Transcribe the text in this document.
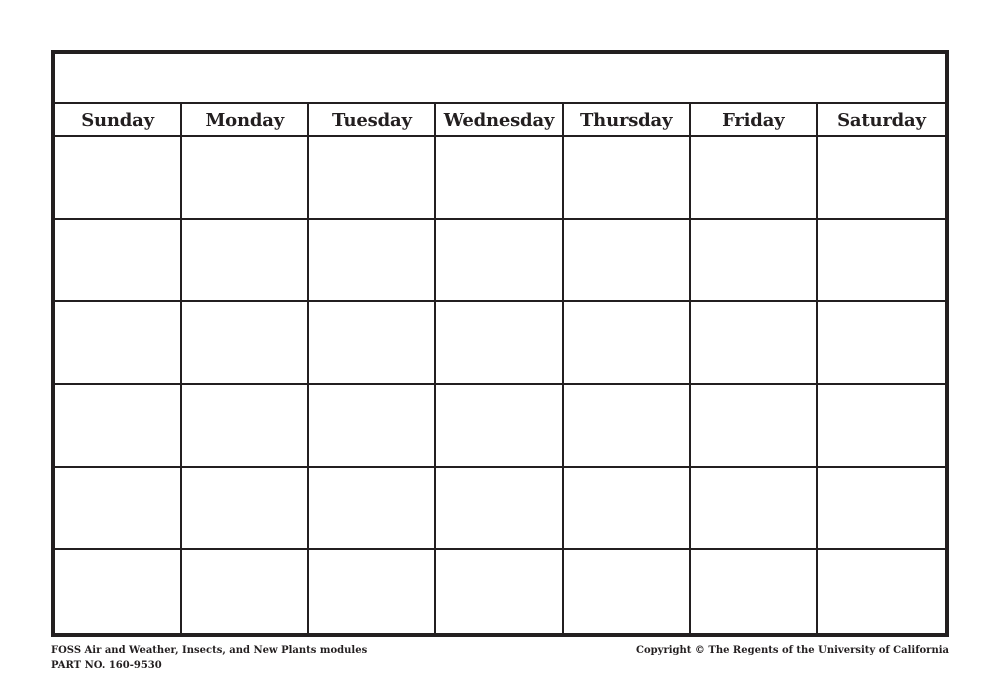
Sunday	Monday	Tuesday	Wednesday	Thursday	Friday	Saturday
FOSS Air and Weather, Insects, and New Plants modules
PART NO. 160-9530
Copyright © The Regents of the University of California
